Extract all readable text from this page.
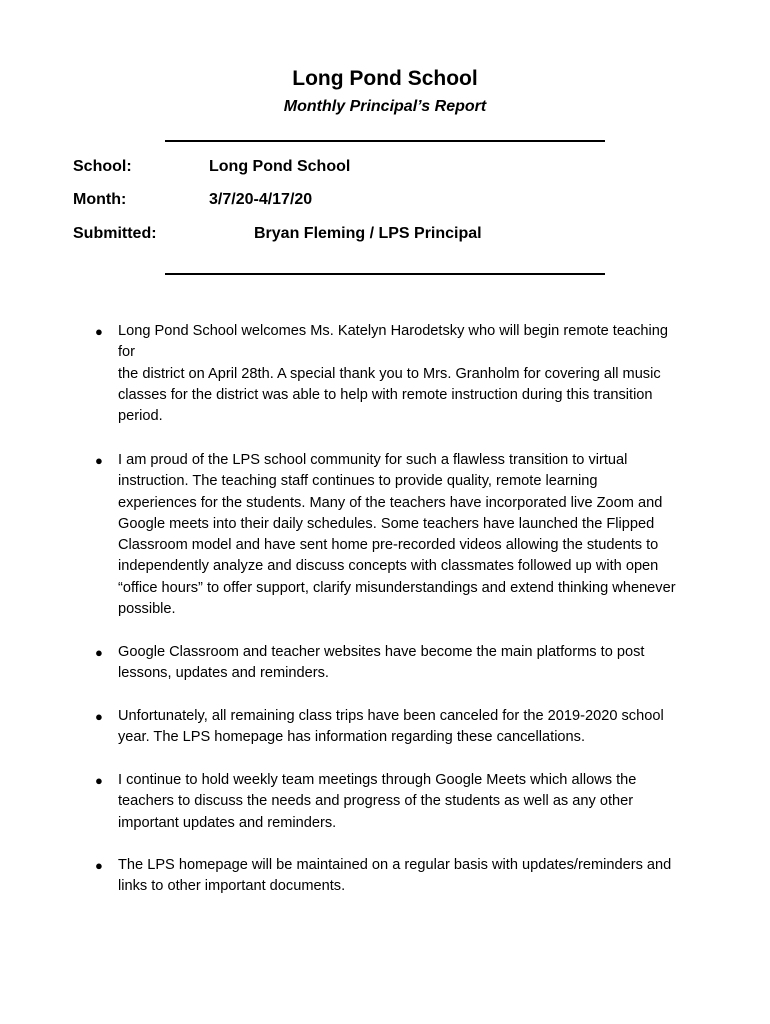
Long Pond School
Monthly Principal’s Report
School:	Long Pond School
Month:	3/7/20-4/17/20
Submitted:	Bryan Fleming / LPS Principal
● Long Pond School welcomes Ms. Katelyn Harodetsky who will begin remote teaching
for
the district on April 28th. A special thank you to Mrs. Granholm for covering all music
classes for the district was able to help with remote instruction during this transition
period.
● I am proud of the LPS school community for such a flawless transition to virtual
instruction. The teaching staff continues to provide quality, remote learning
experiences for the students. Many of the teachers have incorporated live Zoom and
Google meets into their daily schedules. Some teachers have launched the Flipped
Classroom model and have sent home pre-recorded videos allowing the students to
independently analyze and discuss concepts with classmates followed up with open
“office hours” to offer support, clarify misunderstandings and extend thinking whenever
possible.
● Google Classroom and teacher websites have become the main platforms to post
lessons, updates and reminders.
● Unfortunately, all remaining class trips have been canceled for the 2019-2020 school
year. The LPS homepage has information regarding these cancellations.
● I continue to hold weekly team meetings through Google Meets which allows the
teachers to discuss the needs and progress of the students as well as any other
important updates and reminders.
● The LPS homepage will be maintained on a regular basis with updates/reminders and
links to other important documents.
